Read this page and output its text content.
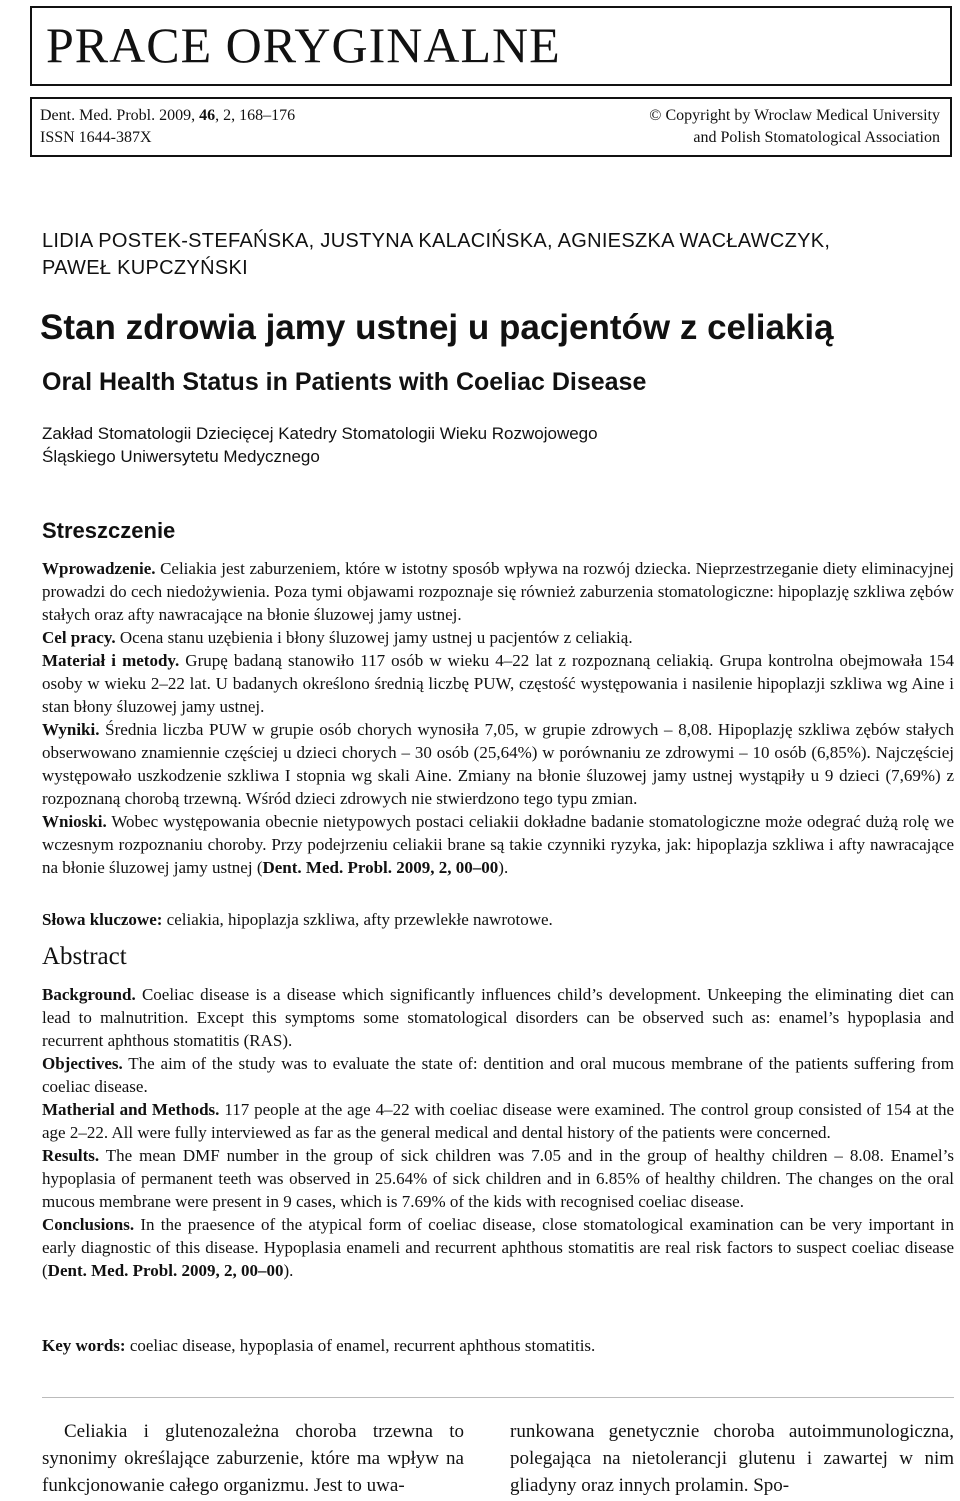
PRACE ORYGINALNE
Dent. Med. Probl. 2009, 46, 2, 168–176
ISSN 1644-387X
© Copyright by Wroclaw Medical University
and Polish Stomatological Association
LIDIA POSTEK-STEFAŃSKA, JUSTYNA KALACIŃSKA, AGNIESZKA WACŁAWCZYK,
PAWEŁ KUPCZYŃSKI
Stan zdrowia jamy ustnej u pacjentów z celiakią
Oral Health Status in Patients with Coeliac Disease
Zakład Stomatologii Dziecięcej Katedry Stomatologii Wieku Rozwojowego
Śląskiego Uniwersytetu Medycznego
Streszczenie

Wprowadzenie. Celiakia jest zaburzeniem, które w istotny sposób wpływa na rozwój dziecka. Nieprzestrzeganie diety eliminacyjnej prowadzi do cech niedożywienia. Poza tymi objawami rozpoznaje się również zaburzenia stomatologiczne: hipoplazję szkliwa zębów stałych oraz afty nawracające na błonie śluzowej jamy ustnej.

Cel pracy. Ocena stanu uzębienia i błony śluzowej jamy ustnej u pacjentów z celiakią.

Materiał i metody. Grupę badaną stanowiło 117 osób w wieku 4–22 lat z rozpoznaną celiakią. Grupa kontrolna obejmowała 154 osoby w wieku 2–22 lat. U badanych określono średnią liczbę PUW, częstość występowania i nasilenie hipoplazji szkliwa wg Aine i stan błony śluzowej jamy ustnej.

Wyniki. Średnia liczba PUW w grupie osób chorych wynosiła 7,05, w grupie zdrowych – 8,08. Hipoplazję szkliwa zębów stałych obserwowano znamiennie częściej u dzieci chorych – 30 osób (25,64%) w porównaniu ze zdrowymi – 10 osób (6,85%). Najczęściej występowało uszkodzenie szkliwa I stopnia wg skali Aine. Zmiany na błonie śluzowej jamy ustnej wystąpiły u 9 dzieci (7,69%) z rozpoznaną chorobą trzewną. Wśród dzieci zdrowych nie stwierdzono tego typu zmian.

Wnioski. Wobec występowania obecnie nietypowych postaci celiakii dokładne badanie stomatologiczne może odegrać dużą rolę we wczesnym rozpoznaniu choroby. Przy podejrzeniu celiakii brane są takie czynniki ryzyka, jak: hipoplazja szkliwa i afty nawracające na błonie śluzowej jamy ustnej (Dent. Med. Probl. 2009, 2, 00–00).

Słowa kluczowe: celiakia, hipoplazja szkliwa, afty przewlekłe nawrotowe.

Abstract

Background. Coeliac disease is a disease which significantly influences child’s development. Unkeeping the eliminating diet can lead to malnutrition. Except this symptoms some stomatological disorders can be observed such as: enamel’s hypoplasia and recurrent aphthous stomatitis (RAS).

Objectives. The aim of the study was to evaluate the state of: dentition and oral mucous membrane of the patients suffering from coeliac disease.

Matherial and Methods. 117 people at the age 4–22 with coeliac disease were examined. The control group consisted of 154 at the age 2–22. All were fully interviewed as far as the general medical and dental history of the patients were concerned.

Results. The mean DMF number in the group of sick children was 7.05 and in the group of healthy children – 8.08. Enamel’s hypoplasia of permanent teeth was observed in 25.64% of sick children and in 6.85% of healthy children. The changes on the oral mucous membrane were present in 9 cases, which is 7.69% of the kids with recognised coeliac disease.

Conclusions. In the praesence of the atypical form of coeliac disease, close stomatological examination can be very important in early diagnostic of this disease. Hypoplasia enameli and recurrent aphthous stomatitis are real risk factors to suspect coeliac disease (Dent. Med. Probl. 2009, 2, 00–00).

Key words: coeliac disease, hypoplasia of enamel, recurrent aphthous stomatitis.

Celiakia i glutenozależna choroba trzewna to synonimy określające zaburzenie, które ma wpływ na funkcjonowanie całego organizmu. Jest to uwa-

runkowana genetycznie choroba autoimmunologiczna, polegająca na nietolerancji glutenu i zawartej w nim gliadyny oraz innych prolamin. Spo-
